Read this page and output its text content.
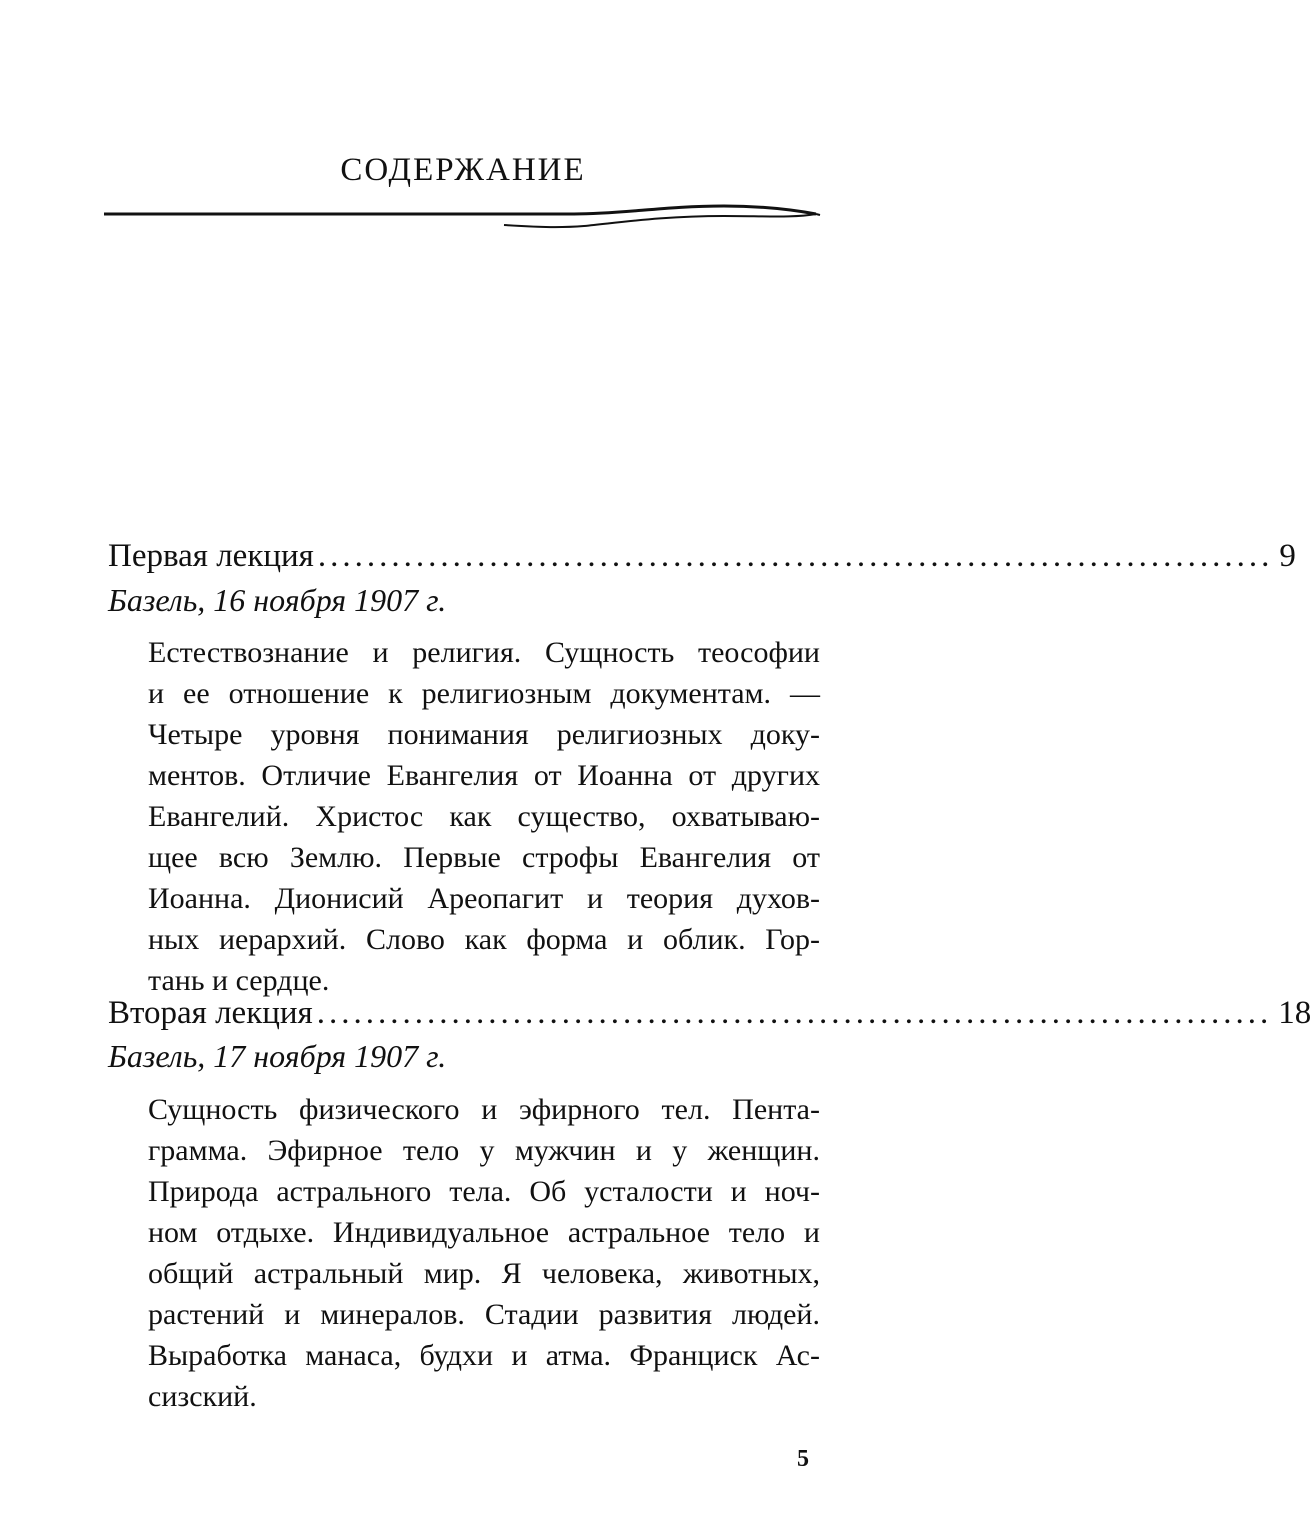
СОДЕРЖАНИЕ
Первая лекция .............................................................................. 9
Базель, 16 ноября 1907 г.
Естествознание и религия. Сущность теософии
и ее отношение к религиозным документам. —
Четыре уровня понимания религиозных доку-
ментов. Отличие Евангелия от Иоанна от других
Евангелий. Христос как существо, охватываю-
щее всю Землю. Первые строфы Евангелия от
Иоанна. Дионисий Ареопагит и теория духов-
ных иерархий. Слово как форма и облик. Гор-
тань и сердце.
Вторая лекция .............................................................................. 18
Базель, 17 ноября 1907 г.
Сущность физического и эфирного тел. Пента-
грамма. Эфирное тело у мужчин и у женщин.
Природа астрального тела. Об усталости и ноч-
ном отдыхе. Индивидуальное астральное тело и
общий астральный мир. Я человека, животных,
растений и минералов. Стадии развития людей.
Выработка манаса, будхи и атма. Франциск Ас-
сизский.
5
